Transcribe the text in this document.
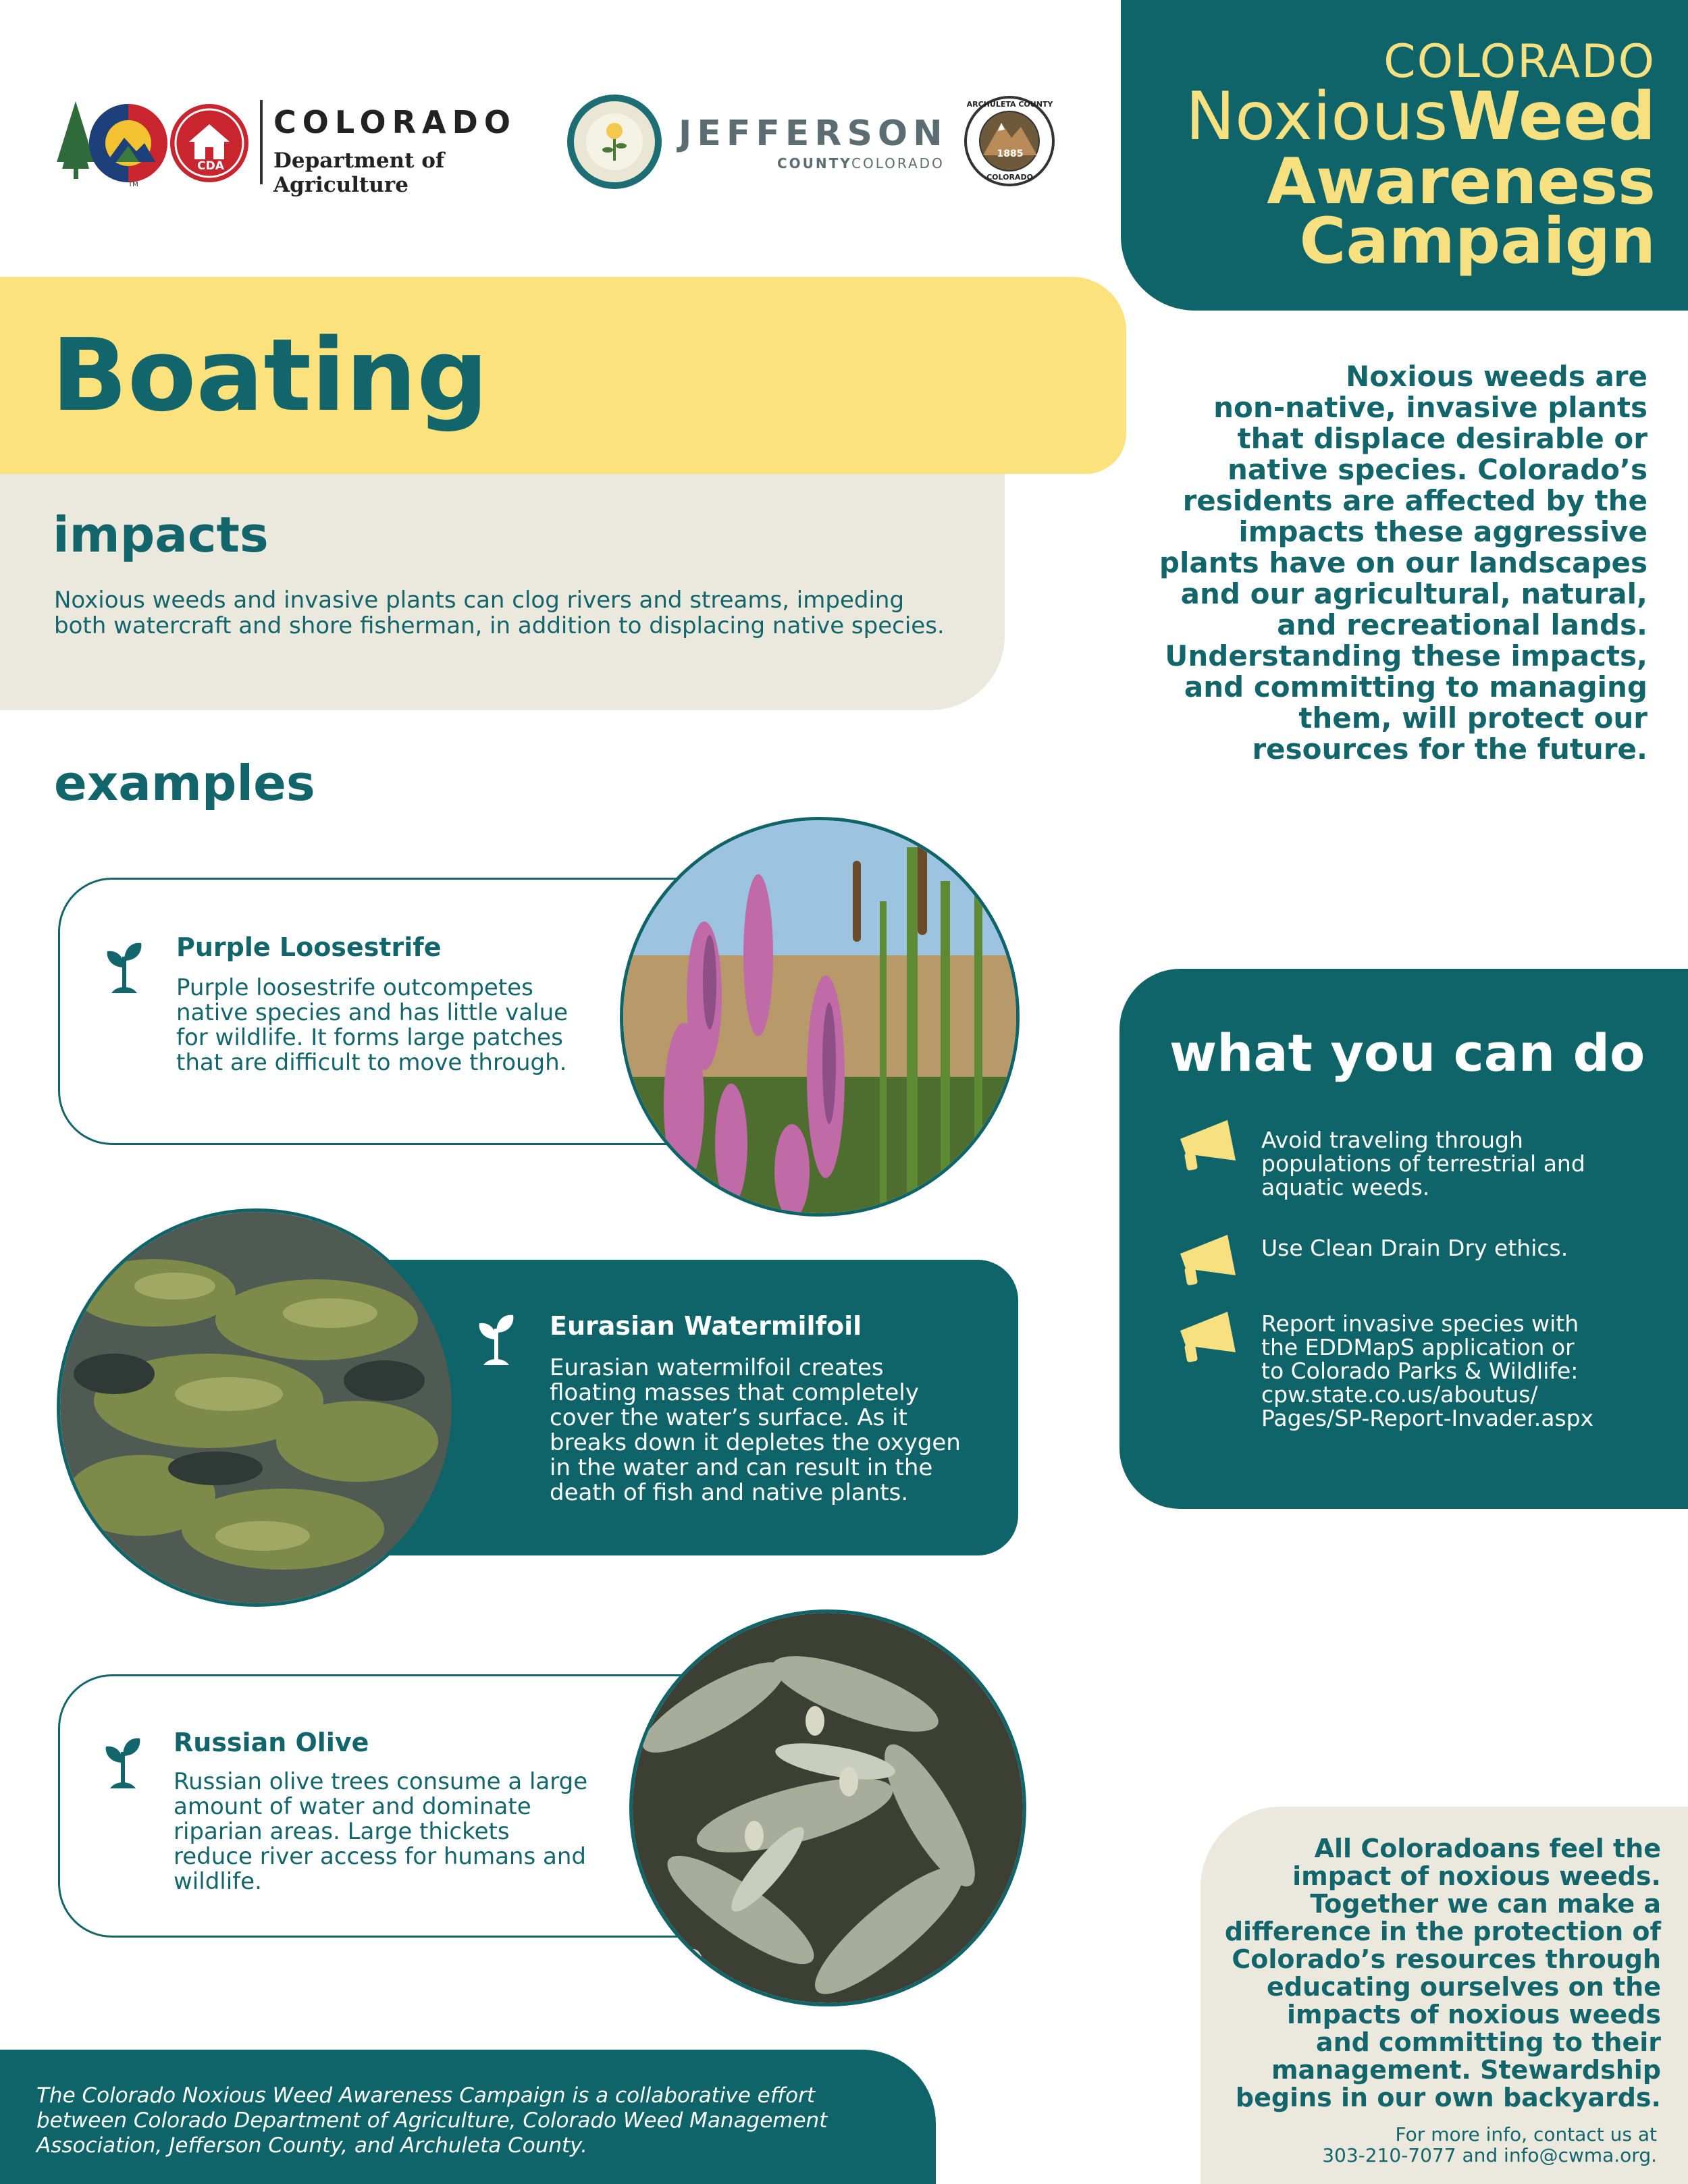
TM
CDA
COLORADO
Department of Agriculture
JEFFERSON
COUNTY COLORADO
ARCHULETA COUNTY
1885
COLORADO
COLORADO
NoxiousWeed
Awareness
Campaign
Boating
impacts
Noxious weeds and invasive plants can clog rivers and streams, impeding
both watercraft and shore fisherman, in addition to displacing native species.
Noxious weeds are
non-native, invasive plants
that displace desirable or
native species. Colorado’s
residents are affected by the
impacts these aggressive
plants have on our landscapes
and our agricultural, natural,
and recreational lands.
Understanding these impacts,
and committing to managing
them, will protect our
resources for the future.
examples
Purple Loosestrife
Purple loosestrife outcompetes
native species and has little value
for wildlife. It forms large patches
that are difficult to move through.
Eurasian Watermilfoil
Eurasian watermilfoil creates
floating masses that completely
cover the water’s surface. As it
breaks down it depletes the oxygen
in the water and can result in the
death of fish and native plants.
Russian Olive
Russian olive trees consume a large
amount of water and dominate
riparian areas. Large thickets
reduce river access for humans and
wildlife.
what you can do
Avoid traveling through
populations of terrestrial and
aquatic weeds.
Use Clean Drain Dry ethics.
Report invasive species with
the EDDMapS application or
to Colorado Parks & Wildlife:
cpw.state.co.us/aboutus/
Pages/SP-Report-Invader.aspx
All Coloradoans feel the
impact of noxious weeds.
Together we can make a
difference in the protection of
Colorado’s resources through
educating ourselves on the
impacts of noxious weeds
and committing to their
management. Stewardship
begins in our own backyards.
For more info, contact us at
303-210-7077 and info@cwma.org.
The Colorado Noxious Weed Awareness Campaign is a collaborative effort
between Colorado Department of Agriculture, Colorado Weed Management
Association, Jefferson County, and Archuleta County.
